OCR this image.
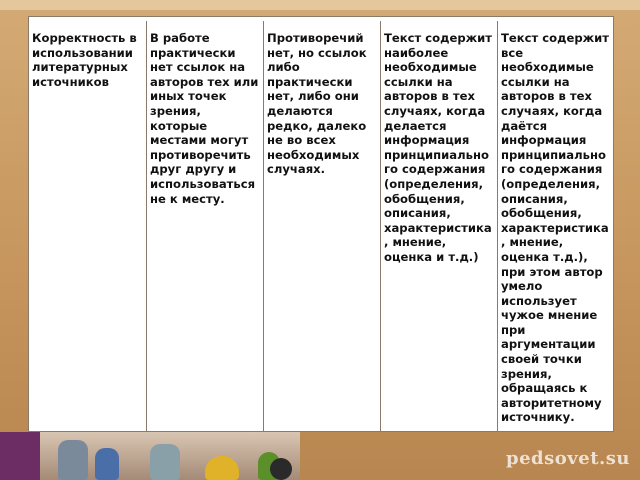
Корректность в
использовании
литературных
источников
В работе
практически
нет ссылок на
авторов тех или
иных точек
зрения,
которые
местами могут
противоречить
друг другу и
использоваться
не к месту.
Противоречий
нет, но ссылок
либо
практически
нет, либо они
делаются
редко, далеко
не во всех
необходимых
случаях.
Текст содержит
наиболее
необходимые
ссылки на
авторов в тех
случаях, когда
делается
информация
принципиально
го содержания
(определения,
обобщения,
описания,
характеристика
, мнение,
оценка и т.д.)
Текст содержит
все
необходимые
ссылки на
авторов в тех
случаях, когда
даётся
информация
принципиально
го содержания
(определения,
описания,
обобщения,
характеристика
, мнение,
оценка т.д.),
при этом автор
умело
использует
чужое мнение
при
аргументации
своей точки
зрения,
обращаясь к
авторитетному
источнику.
pedsovet.su
